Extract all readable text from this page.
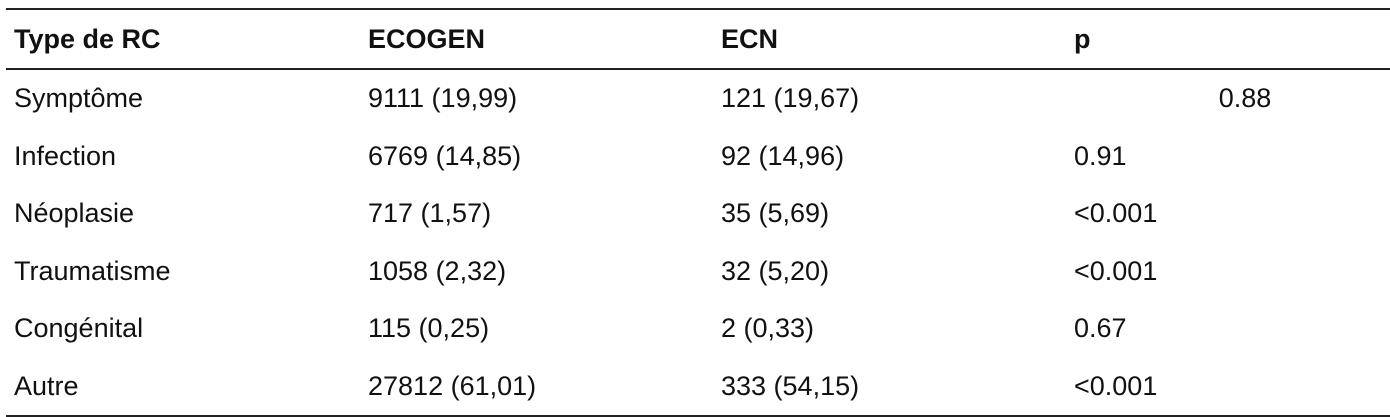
Type de RC	ECOGEN	ECN	p
Symptôme	9111 (19,99)	121 (19,67)	0.88
Infection	6769 (14,85)	92 (14,96)	0.91
Néoplasie	717 (1,57)	35 (5,69)	<0.001
Traumatisme	1058 (2,32)	32 (5,20)	<0.001
Congénital	115 (0,25)	2 (0,33)	0.67
Autre	27812 (61,01)	333 (54,15)	<0.001
